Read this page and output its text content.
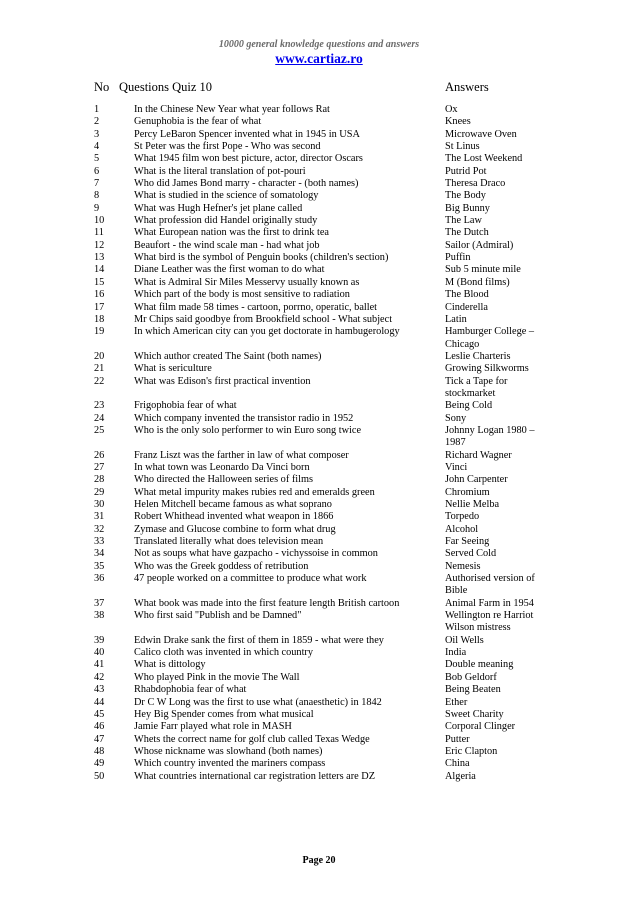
10000 general knowledge questions and answers
www.cartiaz.ro
No Questions Quiz 10	Answers
1	In the Chinese New Year what year follows Rat	Ox
2	Genuphobia is the fear of what	Knees
3	Percy LeBaron Spencer invented what in 1945 in USA	Microwave Oven
4	St Peter was the first Pope - Who was second	St Linus
5	What 1945 film won best picture, actor, director Oscars	The Lost Weekend
6	What is the literal translation of pot-pouri	Putrid Pot
7	Who did James Bond marry - character - (both names)	Theresa Draco
8	What is studied in the science of somatology	The Body
9	What was Hugh Hefner's jet plane called	Big Bunny
10	What profession did Handel originally study	The Law
11	What European nation was the first to drink tea	The Dutch
12	Beaufort - the wind scale man - had what job	Sailor (Admiral)
13	What bird is the symbol of Penguin books (children's section)	Puffin
14	Diane Leather was the first woman to do what	Sub 5 minute mile
15	What is Admiral Sir Miles Messervy usually known as	M (Bond films)
16	Which part of the body is most sensitive to radiation	The Blood
17	What film made 58 times - cartoon, porrno, operatic, ballet	Cinderella
18	Mr Chips said goodbye from Brookfield school - What subject	Latin
19	In which American city can you get doctorate in hambugerology	Hamburger College – Chicago
20	Which author created The Saint (both names)	Leslie Charteris
21	What is sericulture	Growing Silkworms
22	What was Edison's first practical invention	Tick a Tape for stockmarket
23	Frigophobia fear of what	Being Cold
24	Which company invented the transistor radio in 1952	Sony
25	Who is the only solo performer to win Euro song twice	Johnny Logan 1980 – 1987
26	Franz Liszt was the farther in law of what composer	Richard Wagner
27	In what town was Leonardo Da Vinci born	Vinci
28	Who directed the Halloween series of films	John Carpenter
29	What metal impurity makes rubies red and emeralds green	Chromium
30	Helen Mitchell became famous as what soprano	Nellie Melba
31	Robert Whithead invented what weapon in 1866	Torpedo
32	Zymase and Glucose combine to form what drug	Alcohol
33	Translated literally what does television mean	Far Seeing
34	Not as soups what have gazpacho - vichyssoise in common	Served Cold
35	Who was the Greek goddess of retribution	Nemesis
36	47 people worked on a committee to produce what work	Authorised version of Bible
37	What book was made into the first feature length British cartoon	Animal Farm in 1954
38	Who first said "Publish and be Damned"	Wellington re Harriot Wilson mistress
39	Edwin Drake sank the first of them in 1859 - what were they	Oil Wells
40	Calico cloth was invented in which country	India
41	What is dittology	Double meaning
42	Who played Pink in the movie The Wall	Bob Geldorf
43	Rhabdophobia fear of what	Being Beaten
44	Dr C W Long was the first to use what (anaesthetic) in 1842	Ether
45	Hey Big Spender comes from what musical	Sweet Charity
46	Jamie Farr played what role in MASH	Corporal Clinger
47	Whets the correct name for golf club called Texas Wedge	Putter
48	Whose nickname was slowhand (both names)	Eric Clapton
49	Which country invented the mariners compass	China
50	What countries international car registration letters are DZ	Algeria
Page 20
